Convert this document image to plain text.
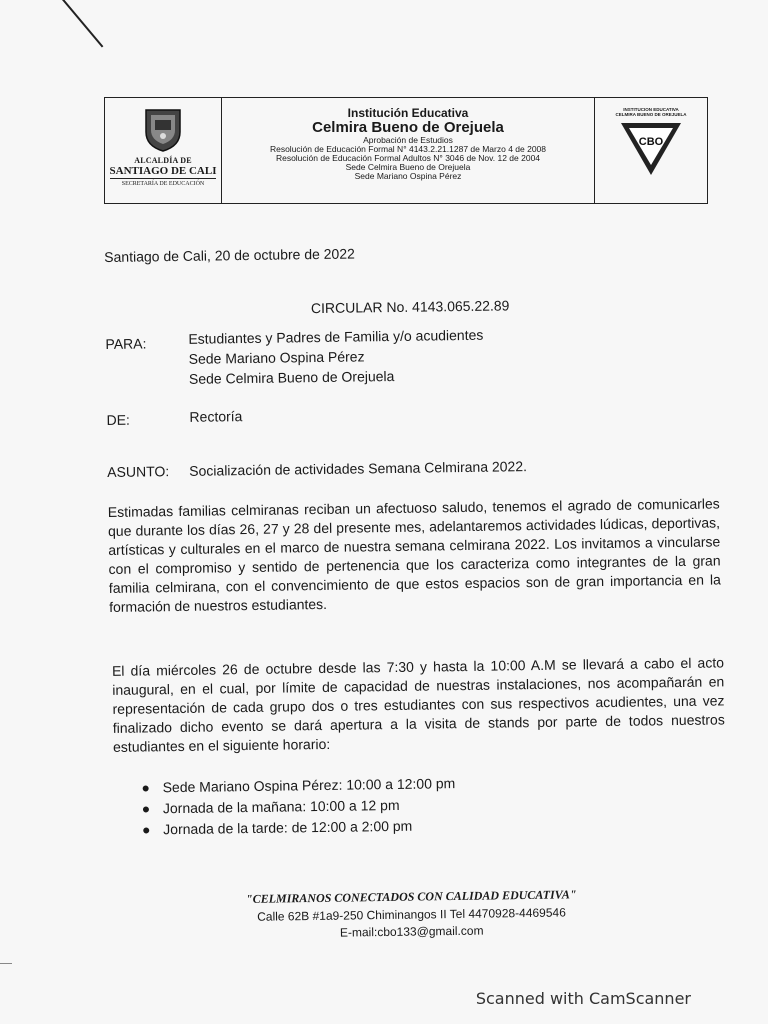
ALCALDÍA DE
SANTIAGO DE CALI
SECRETARÍA DE EDUCACIÓN
Institución Educativa
Celmira Bueno de Orejuela
Aprobación de Estudios
Resolución de Educación Formal N° 4143.2.21.1287 de Marzo 4 de 2008
Resolución de Educación Formal Adultos N° 3046 de Nov. 12 de 2004
Sede Celmira Bueno de Orejuela
Sede Mariano Ospina Pérez
INSTITUCION EDUCATIVA
CELMIRA BUENO DE OREJUELA
CBO
Santiago de Cali, 20 de octubre de 2022
CIRCULAR No. 4143.065.22.89
PARA:	Estudiantes y Padres de Familia y/o acudientes
Sede Mariano Ospina Pérez
Sede Celmira Bueno de Orejuela
DE:	Rectoría
ASUNTO: Socialización de actividades Semana Celmirana 2022.

Estimadas familias celmiranas reciban un afectuoso saludo, tenemos el agrado de comunicarles que durante los días 26, 27 y 28 del presente mes, adelantaremos actividades lúdicas, deportivas, artísticas y culturales en el marco de nuestra semana celmirana 2022. Los invitamos a vincularse con el compromiso y sentido de pertenencia que los caracteriza como integrantes de la gran familia celmirana, con el convencimiento de que estos espacios son de gran importancia en la formación de nuestros estudiantes.

El día miércoles 26 de octubre desde las 7:30 y hasta la 10:00 A.M se llevará a cabo el acto inaugural, en el cual, por límite de capacidad de nuestras instalaciones, nos acompañarán en representación de cada grupo dos o tres estudiantes con sus respectivos acudientes, una vez finalizado dicho evento se dará apertura a la visita de stands por parte de todos nuestros estudiantes en el siguiente horario:

Sede Mariano Ospina Pérez: 10:00 a 12:00 pm
Jornada de la mañana: 10:00 a 12 pm
Jornada de la tarde: de 12:00 a 2:00 pm
"CELMIRANOS CONECTADOS CON CALIDAD EDUCATIVA"
Calle 62B #1a9-250 Chiminangos II Tel 4470928-4469546
E-mail:cbo133@gmail.com
Scanned with CamScanner
